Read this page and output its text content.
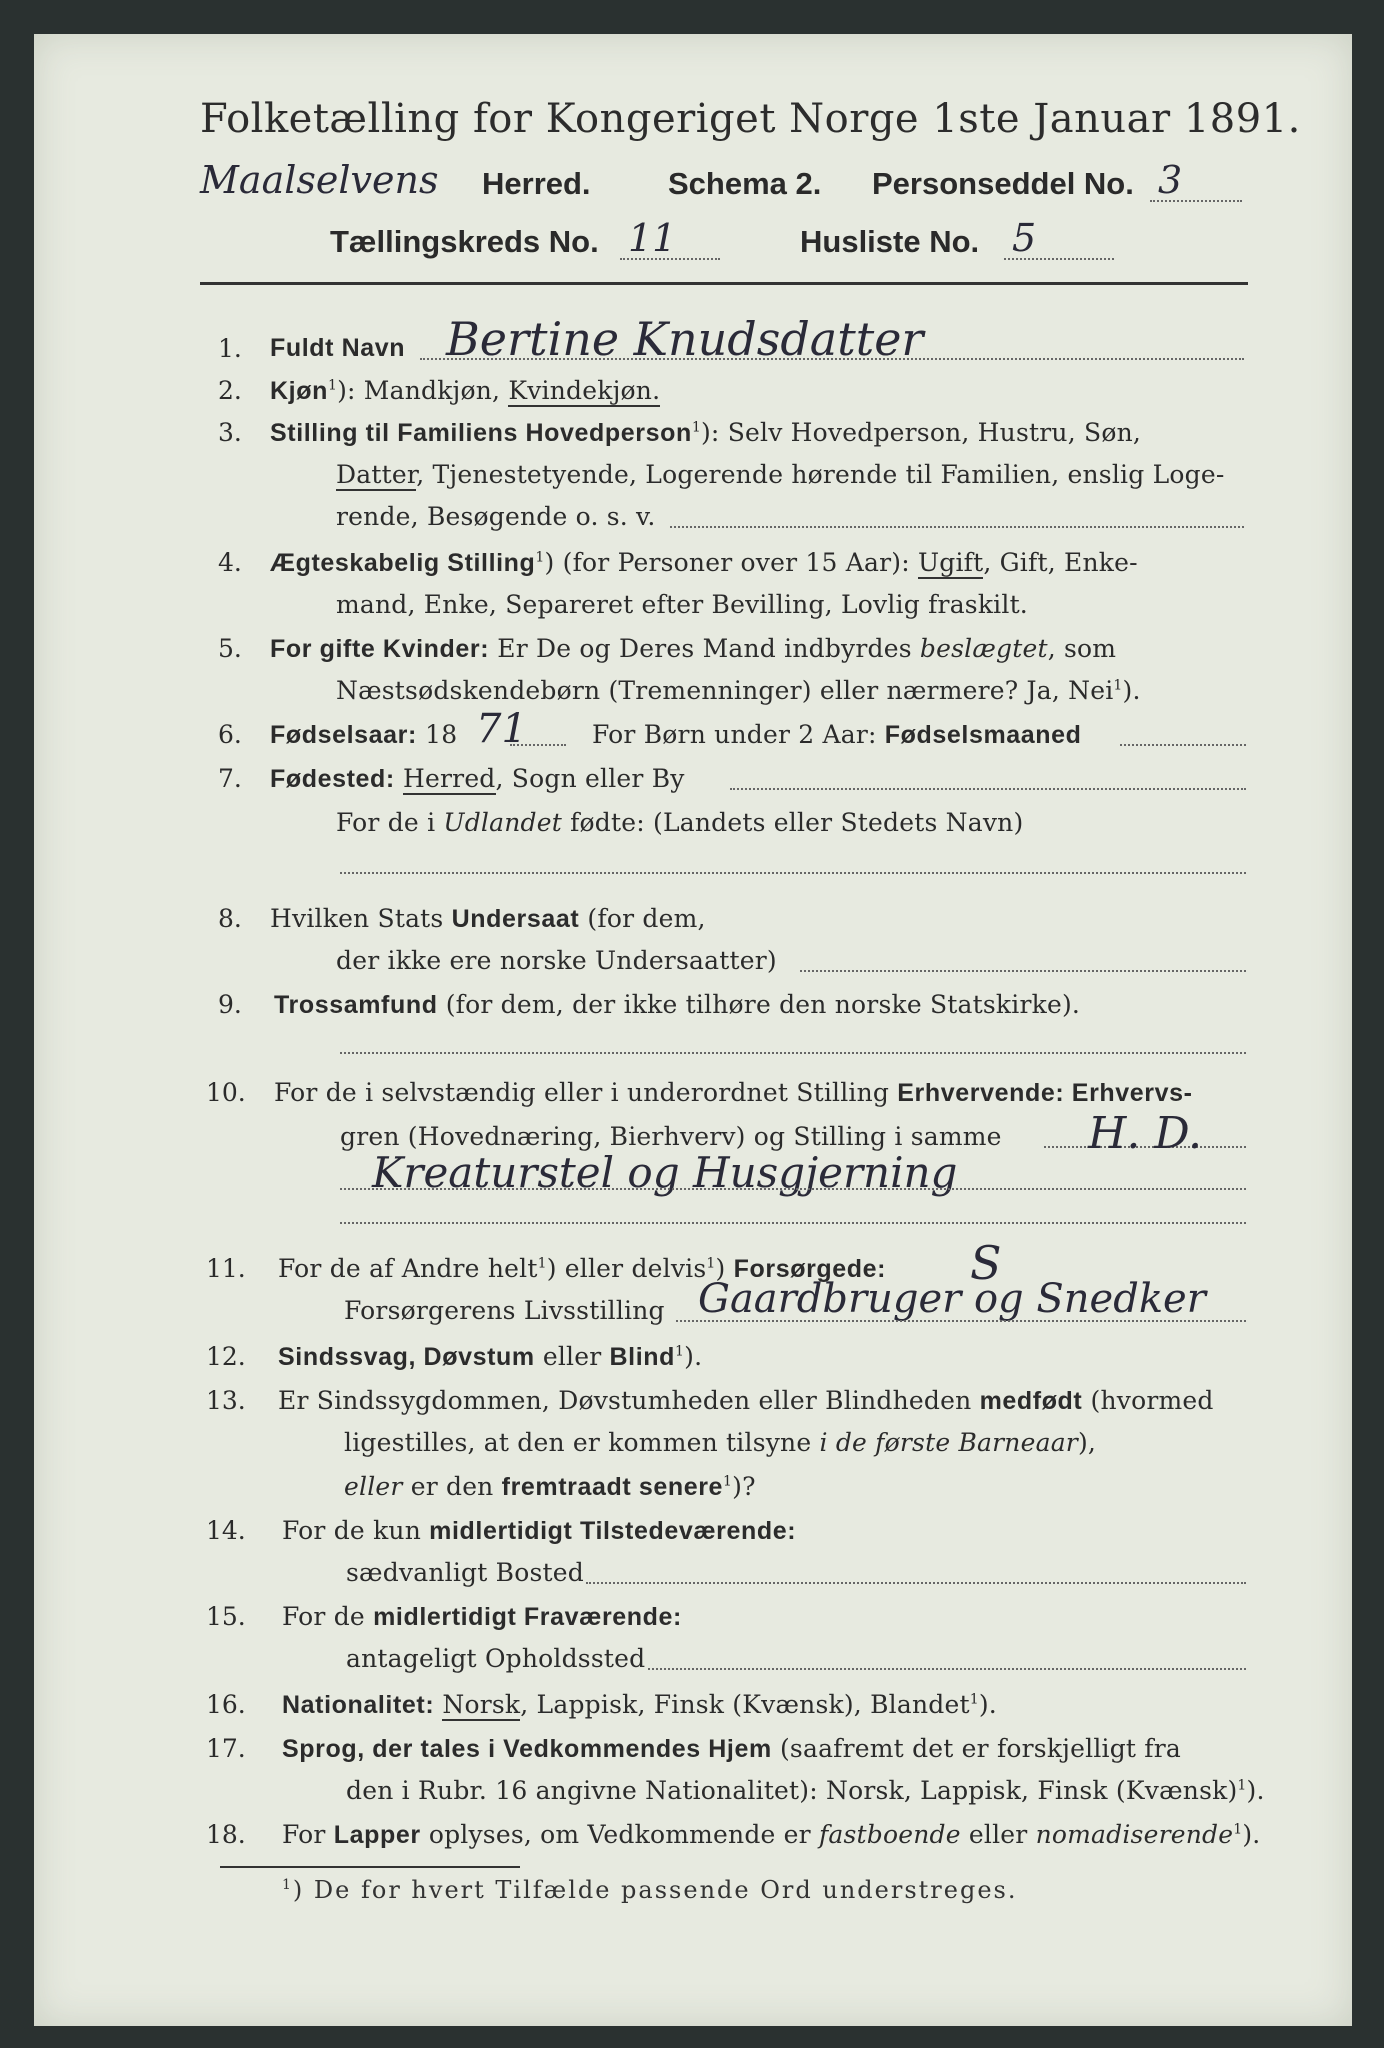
Folketælling for Kongeriget Norge 1ste Januar 1891.
Maalselvens Herred. Schema 2. Personseddel No. 3
Tællingskreds No. 11	Husliste No. 5
1. Fuldt Navn Bertine Knudsdatter
2. Kjøn$^1$): Mandkjøn, Kvindekjøn.
3. Stilling til Familiens Hovedperson$^1$): Selv Hovedperson, Hustru, Søn,
Datter, Tjenestetyende, Logerende hørende til Familien, enslig Loge-
rende, Besøgende o. s. v.
4. Ægteskabelig Stilling$^1$) (for Personer over 15 Aar): Ugift, Gift, Enke-
mand, Enke, Separeret efter Bevilling, Lovlig fraskilt.
5. For gifte Kvinder: Er De og Deres Mand indbyrdes beslægtet, som
Næstsødskendebørn (Tremenninger) eller nærmere? Ja, Nei$^1$).
6. Fødselsaar: 18 71	For Børn under 2 Aar: Fødselsmaaned
7. Fødested: Herred, Sogn eller By
For de i Udlandet fødte: (Landets eller Stedets Navn)
8. Hvilken Stats Undersaat (for dem,
der ikke ere norske Undersaatter)
9. Trossamfund (for dem, der ikke tilhøre den norske Statskirke).
10. For de i selvstændig eller i underordnet Stilling Erhvervende: Erhvervs-
gren (Hovednæring, Bierhverv) og Stilling i samme H. D.
Kreaturstel og Husgjerning
11. For de af Andre helt$^1$) eller delvis$^1$) Forsørgede: S
Forsørgerens Livsstilling Gaardbruger og Snedker
12. Sindssvag, Døvstum eller Blind$^1$).
13. Er Sindssygdommen, Døvstumheden eller Blindheden medfødt (hvormed
ligestilles, at den er kommen tilsyne i de første Barneaar),
eller er den fremtraadt senere$^1$)?
14. For de kun midlertidigt Tilstedeværende:
sædvanligt Bosted
15. For de midlertidigt Fraværende:
antageligt Opholdssted
16. Nationalitet: Norsk, Lappisk, Finsk (Kvænsk), Blandet$^1$).
17. Sprog, der tales i Vedkommendes Hjem (saafremt det er forskjelligt fra
den i Rubr. 16 angivne Nationalitet): Norsk, Lappisk, Finsk (Kvænsk)$^1$).
18. For Lapper oplyses, om Vedkommende er fastboende eller nomadiserende$^1$).
$^1$) De for hvert Tilfælde passende Ord understreges.
